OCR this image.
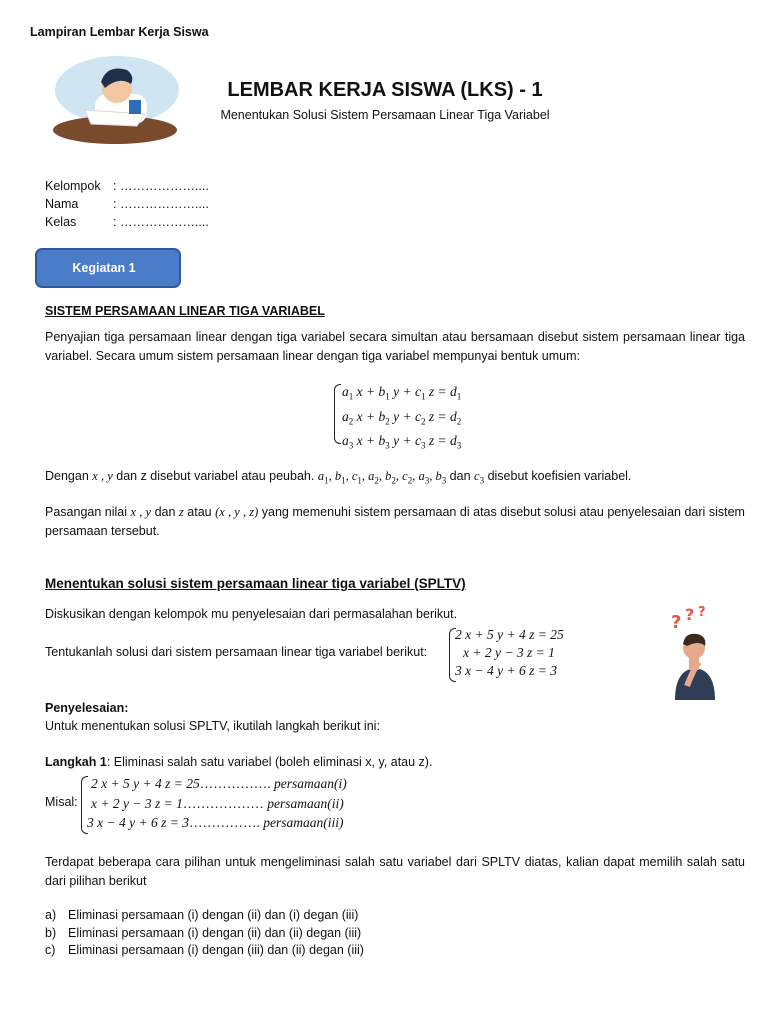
Lampiran Lembar Kerja Siswa
LEMBAR KERJA SISWA (LKS) - 1
Menentukan Solusi Sistem Persamaan Linear Tiga Variabel
Kelompok : ………………....
Nama	: ………………....
Kelas	: ………………....
Kegiatan 1
SISTEM PERSAMAAN LINEAR TIGA VARIABEL

Penyajian tiga persamaan linear dengan tiga variabel secara simultan atau bersamaan disebut sistem persamaan linear tiga variabel. Secara umum sistem persamaan linear dengan tiga variabel mempunyai bentuk umum:

$a_1$ $x + b_1$ $y + c_1$ $z = d_1$
$a_2$ $x + b_2$ $y + c_2$ $z = d_2$
$a_3$ $x + b_3$ $y + c_3$ $z = d_3$

Dengan x , y dan z disebut variabel atau peubah. $a_1$, $b_1$, $c_1$, $a_2$, $b_2$, $c_2$, $a_3$, $b_3$ dan $c_3$ disebut koefisien variabel.

Pasangan nilai x , y dan z atau (x , y , z) yang memenuhi sistem persamaan di atas disebut solusi atau penyelesaian dari sistem persamaan tersebut.

Menentukan solusi sistem persamaan linear tiga variabel (SPLTV)

Diskusikan dengan kelompok mu penyelesaian dari permasalahan berikut.

Tentukanlah solusi dari sistem persamaan linear tiga variabel berikut:

2 x + 5 y + 4 z = 25
x + 2 y − 3 z = 1
3 x − 4 y + 6 z = 3
? ? ?
Penyelesaian:

Untuk menentukan solusi SPLTV, ikutilah langkah berikut ini:

Langkah 1: Eliminasi salah satu variabel (boleh eliminasi x, y, atau z).

Misal:
2 x + 5 y + 4 z = 25……………. persamaan(i)
x + 2 y − 3 z = 1……………… persamaan(ii)
3 x − 4 y + 6 z = 3……………. persamaan(iii)

Terdapat beberapa cara pilihan untuk mengeliminasi salah satu variabel dari SPLTV diatas, kalian dapat memilih salah satu dari pilihan berikut

a) Eliminasi persamaan (i) dengan (ii) dan (i) degan (iii)
b) Eliminasi persamaan (i) dengan (ii) dan (ii) degan (iii)
c) Eliminasi persamaan (i) dengan (iii) dan (ii) degan (iii)
